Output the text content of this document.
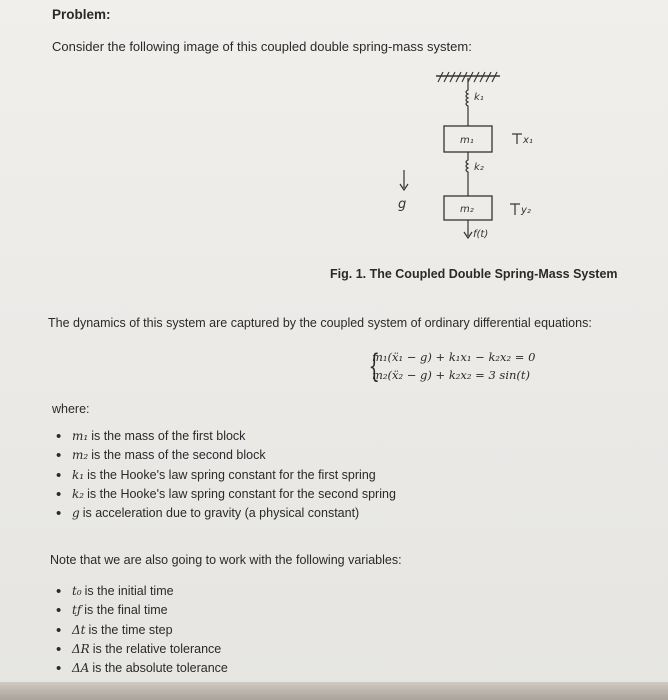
Problem:
Consider the following image of this coupled double spring-mass system:
k₁
m₁	x₁
k₂
g	m₂	y₂
f(t)
Fig. 1. The Coupled Double Spring-Mass System
The dynamics of this system are captured by the coupled system of ordinary differential equations:
{
m₁(ẍ₁ − g) + k₁x₁ − k₂x₂ = 0
m₂(ẍ₂ − g) + k₂x₂ = 3 sin(t)
where:
• m₁ is the mass of the first block
• m₂ is the mass of the second block
• k₁ is the Hooke's law spring constant for the first spring
• k₂ is the Hooke's law spring constant for the second spring
• g is acceleration due to gravity (a physical constant)
Note that we are also going to work with the following variables:
• t₀ is the initial time
• tƒ is the final time
• Δt is the time step
• ΔR is the relative tolerance
• ΔA is the absolute tolerance
